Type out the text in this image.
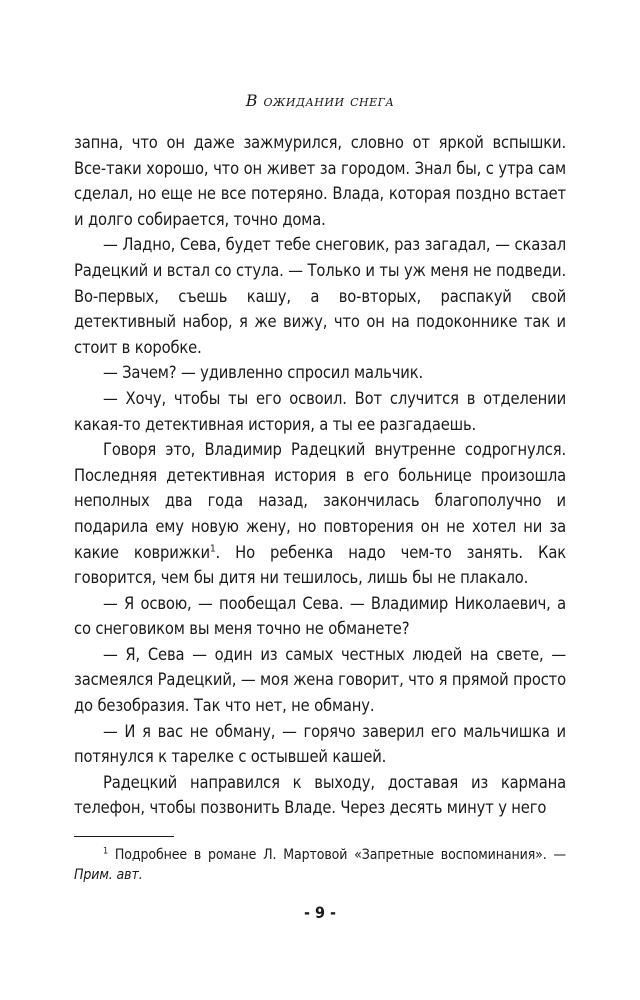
В ожидании снега

запна, что он даже зажмурился, словно от яркой вспышки. Все-таки хорошо, что он живет за городом. Знал бы, с утра сам сделал, но еще не все потеряно. Влада, которая поздно встает и долго собирается, точно дома.

— Ладно, Сева, будет тебе снеговик, раз загадал, — сказал Радецкий и встал со стула. — Только и ты уж меня не подведи. Во-первых, съешь кашу, а во-вторых, распакуй свой детективный набор, я же вижу, что он на подоконнике так и стоит в коробке.

— Зачем? — удивленно спросил мальчик.

— Хочу, чтобы ты его освоил. Вот случится в отделении какая-то детективная история, а ты ее разгадаешь.

Говоря это, Владимир Радецкий внутренне содрогнулся. Последняя детективная история в его больнице произошла неполных два года назад, закончилась благополучно и подарила ему новую жену, но повторения он не хотел ни за какие коврижки$^1$. Но ребенка надо чем-то занять. Как говорится, чем бы дитя ни тешилось, лишь бы не плакало.

— Я освою, — пообещал Сева. — Владимир Николаевич, а со снеговиком вы меня точно не обманете?

— Я, Сева — один из самых честных людей на свете, — засмеялся Радецкий, — моя жена говорит, что я прямой просто до безобразия. Так что нет, не обману.

— И я вас не обману, — горячо заверил его мальчишка и потянулся к тарелке с остывшей кашей.

Радецкий направился к выходу, доставая из кармана телефон, чтобы позвонить Владе. Через десять минут у него

$^1$ Подробнее в романе Л. Мартовой «Запретные воспоминания». — Прим. авт.
- 9 -
